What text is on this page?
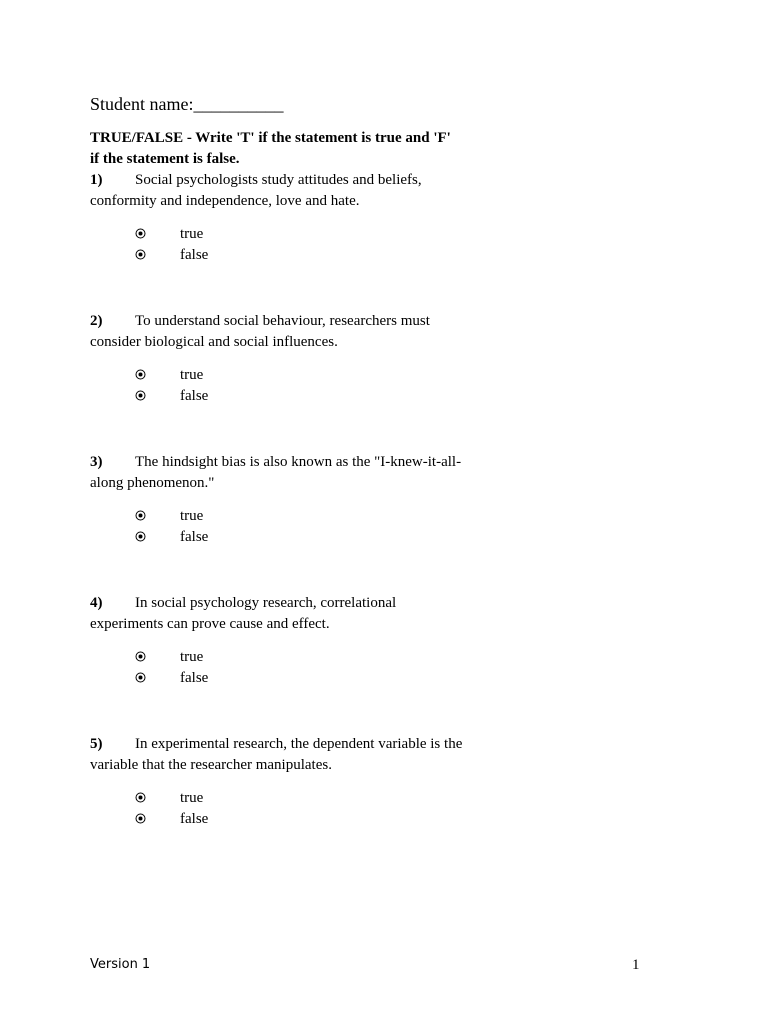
Student name:__________
TRUE/FALSE - Write 'T' if the statement is true and 'F'
if the statement is false.
1) Social psychologists study attitudes and beliefs,
conformity and independence, love and hate.
true
false
2) To understand social behaviour, researchers must
consider biological and social influences.
true
false
3) The hindsight bias is also known as the "I-knew-it-all-
along phenomenon."
true
false
4) In social psychology research, correlational
experiments can prove cause and effect.
true
false
5) In experimental research, the dependent variable is the
variable that the researcher manipulates.
true
false
Version 1	1
